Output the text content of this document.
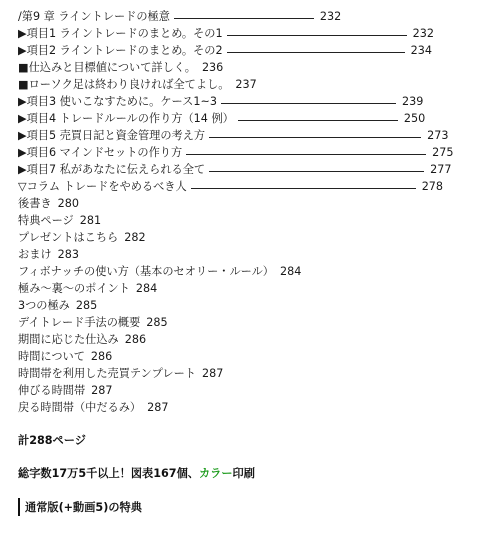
/第9 章 ライントレードの極意	232
▶項目1 ライントレードのまとめ。その1	232
▶項目2 ライントレードのまとめ。その2	234
■仕込みと目標値について詳しく。 236
■ローソク足は終わり良ければ全てよし。 237
▶項目3 使いこなすために。ケース1~3	239
▶項目4 トレードルールの作り方（14 例）	250
▶項目5 売買日記と資金管理の考え方	273
▶項目6 マインドセットの作り方	275
▶項目7 私があなたに伝えられる全て	277
▽コラム トレードをやめるべき人	278
後書き 280
特典ページ 281
プレゼントはこちら 282
おまけ 283
フィボナッチの使い方（基本のセオリー・ルール） 284
極み～裏～のポイント 284
3つの極み 285
デイトレード手法の概要 285
期間に応じた仕込み 286
時間について 286
時間帯を利用した売買テンプレート 287
伸びる時間帯 287
戻る時間帯（中だるみ） 287
計288ページ
総字数17万5千以上！図表167個、カラー印刷
通常版(+動画5)の特典
